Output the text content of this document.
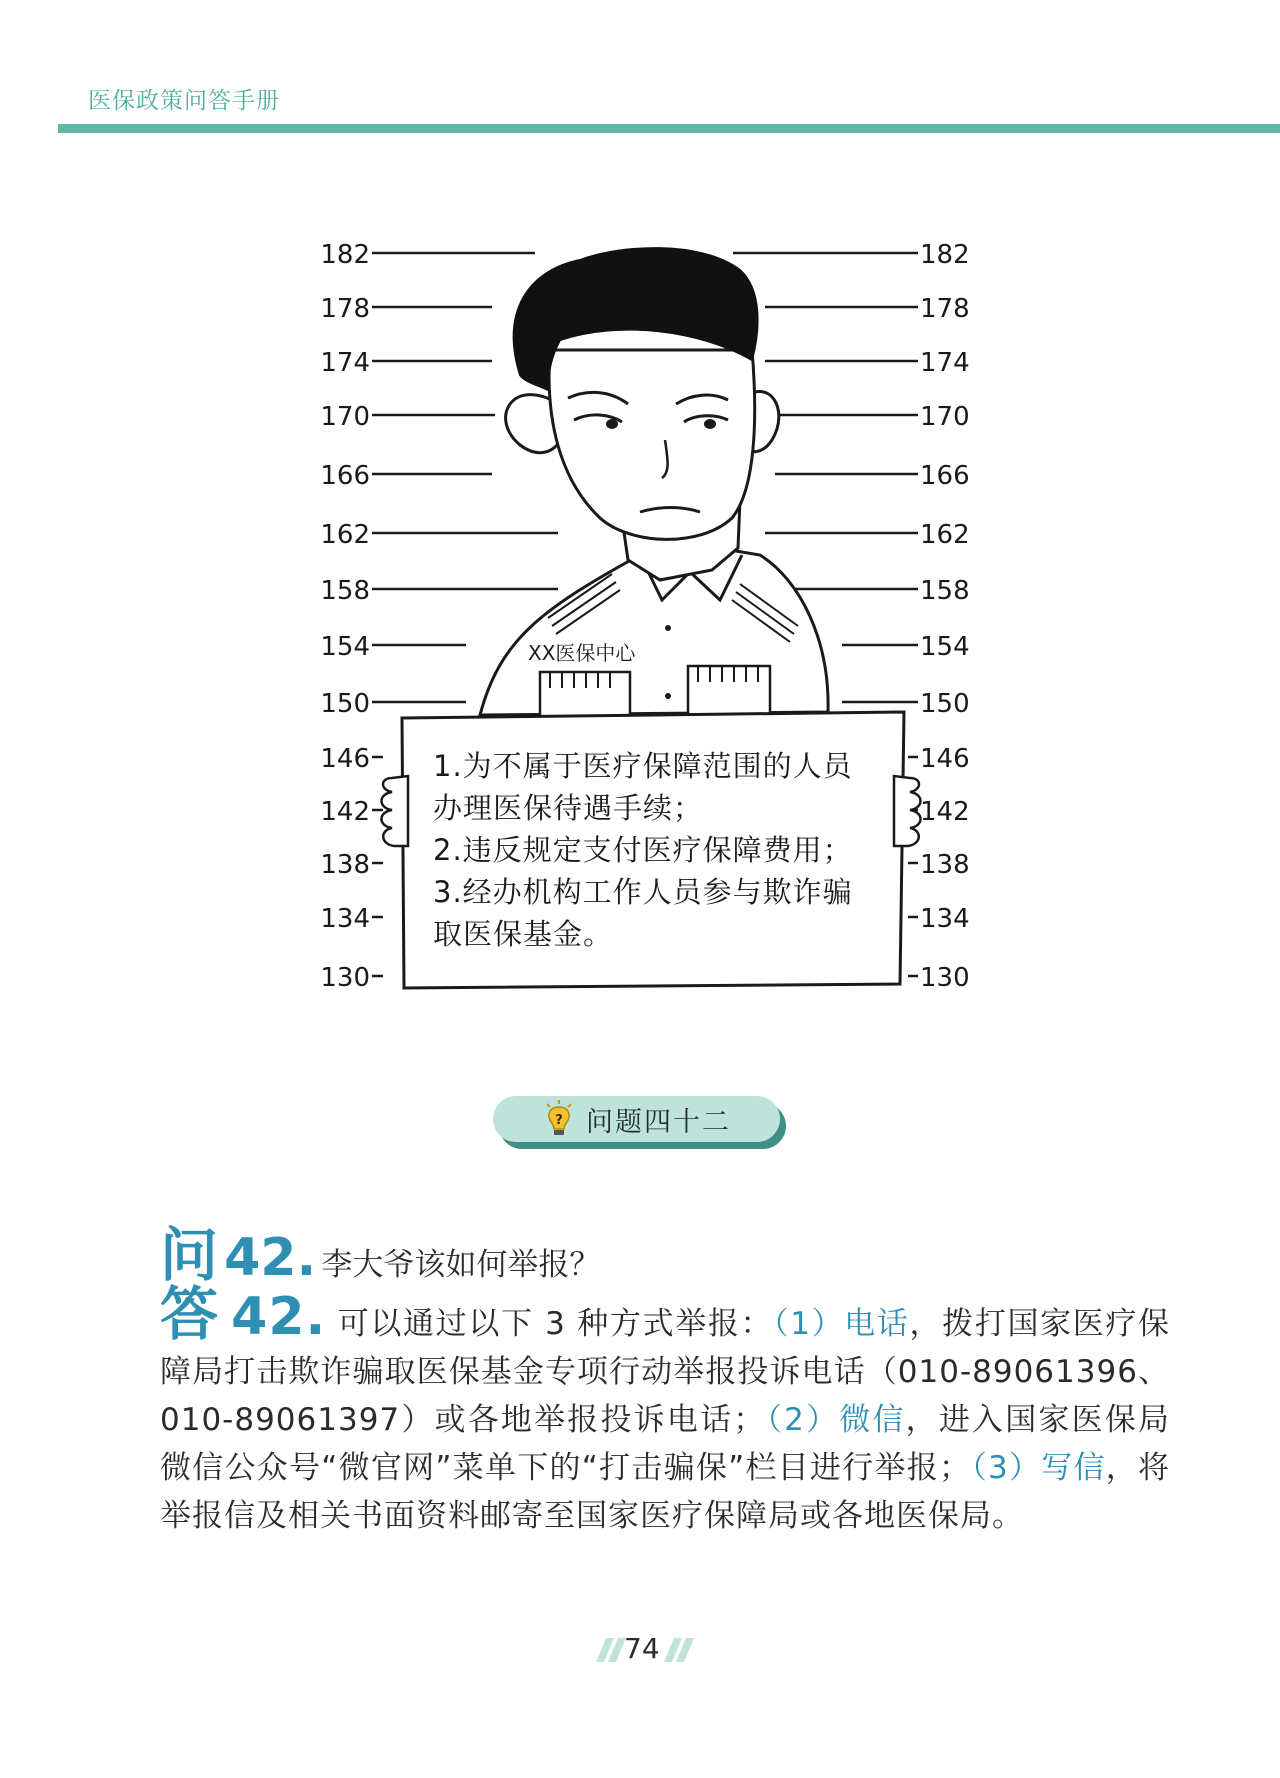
医保政策问答手册
182
178
174
170
166
162
158
154
150
146
142
138
134
130
182
178
174
170
166
162
158
154
150
146
142
138
134
130
XX医保中心
1.为不属于医疗保障范围的人员
办理医保待遇手续；
2.违反规定支付医疗保障费用；
3.经办机构工作人员参与欺诈骗
取医保基金。
? 问题四十二
问 42. 李大爷该如何举报？
答 42. 可以通过以下 3 种方式举报：（1）电话，拨打国家医疗保障局打击欺诈骗取医保基金专项行动举报投诉电话（010-89061396、010-89061397）或各地举报投诉电话；（2）微信，进入国家医保局微信公众号“微官网”菜单下的“打击骗保”栏目进行举报；（3）写信，将举报信及相关书面资料邮寄至国家医疗保障局或各地医保局。
74
